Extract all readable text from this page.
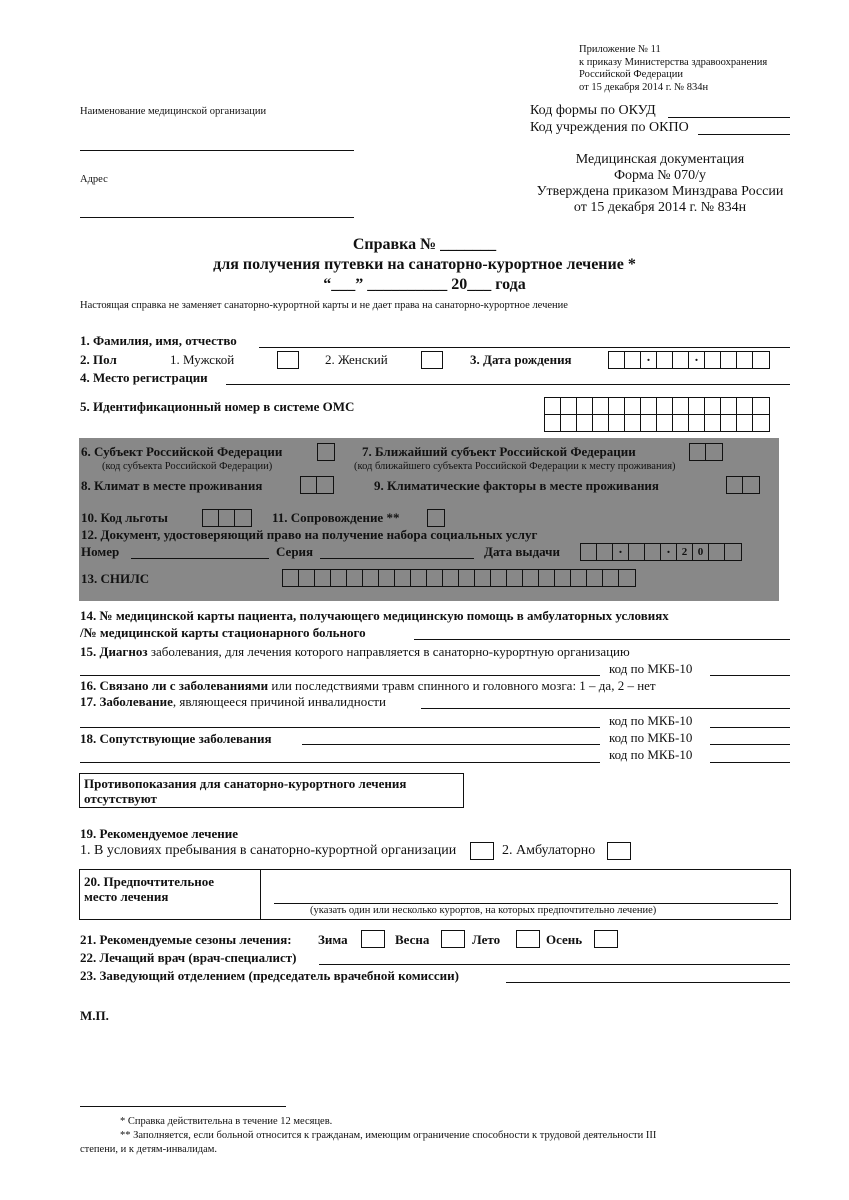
Приложение № 11
к приказу Министерства здравоохранения
Российской Федерации
от 15 декабря 2014 г. № 834н
Наименование медицинской организации
Адрес
Код формы по ОКУД
Код учреждения по ОКПО
Медицинская документация
Форма № 070/у
Утверждена приказом Минздрава России
от 15 декабря 2014 г. № 834н
Справка № _______
для получения путевки на санаторно-курортное лечение *
“___” __________ 20___ года
Настоящая справка не заменяет санаторно-курортной карты и не дает права на санаторно-курортное лечение
1. Фамилия, имя, отчество
2. Пол	1. Мужской	2. Женский	3. Дата рождения	.	.
4. Место регистрации
5. Идентификационный номер в системе ОМС
6. Субъект Российской Федерации
(код субъекта Российской Федерации)
7. Ближайший субъект Российской Федерации
(код ближайшего субъекта Российской Федерации к месту проживания)
8. Климат в месте проживания	9. Климатические факторы в месте проживания
10. Код льготы	11. Сопровождение **
12. Документ, удостоверяющий право на получение набора социальных услуг
Номер	Серия	Дата выдачи	.	.	2 0
13. СНИЛС
14. № медицинской карты пациента, получающего медицинскую помощь в амбулаторных условиях
/№ медицинской карты стационарного больного
15. Диагноз заболевания, для лечения которого направляется в санаторно-курортную организацию
код по МКБ-10
16. Связано ли с заболеваниями или последствиями травм спинного и головного мозга: 1 – да, 2 – нет
17. Заболевание, являющееся причиной инвалидности
код по МКБ-10
18. Сопутствующие заболевания	код по МКБ-10
код по МКБ-10
Противопоказания для санаторно-курортного лечения
отсутствуют
19. Рекомендуемое лечение
1. В условиях пребывания в санаторно-курортной организации	2. Амбулаторно
20. Предпочтительное
место лечения
(указать один или несколько курортов, на которых предпочтительно лечение)
21. Рекомендуемые сезоны лечения: Зима	Весна	Лето	Осень
22. Лечащий врач (врач-специалист)
23. Заведующий отделением (председатель врачебной комиссии)
М.П.
* Справка действительна в течение 12 месяцев.
** Заполняется, если больной относится к гражданам, имеющим ограничение способности к трудовой деятельности III
степени, и к детям-инвалидам.
